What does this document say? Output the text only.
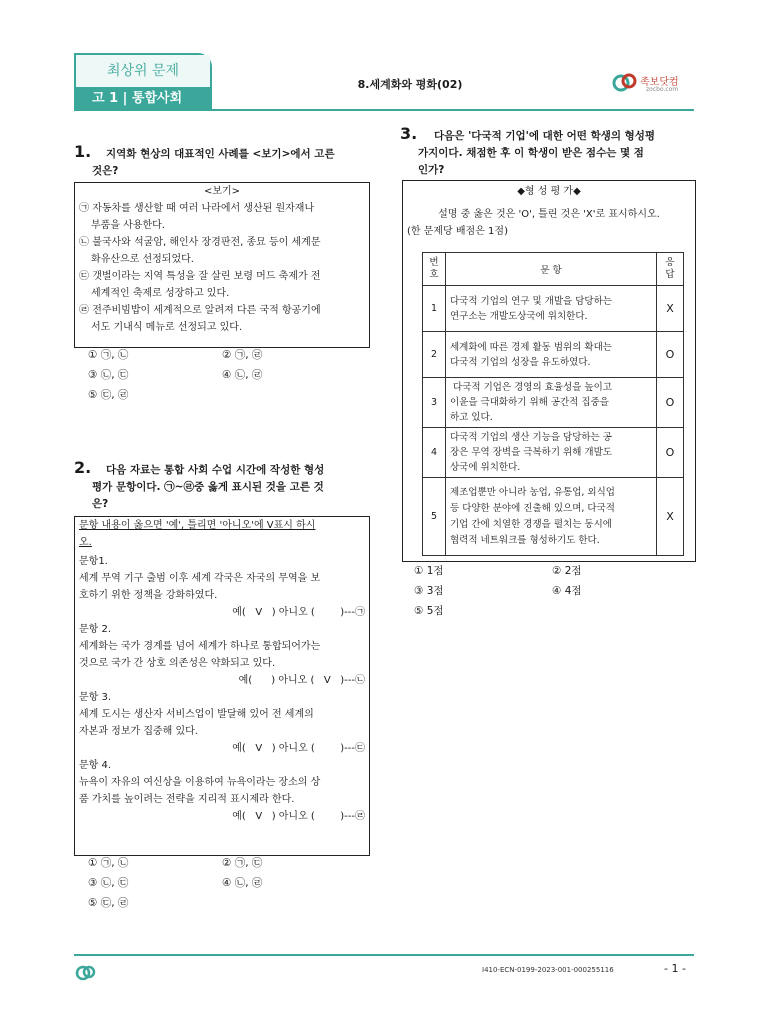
최상위 문제
고 1 | 통합사회
8.세계화와 평화(02)	족보닷컴
zocbo.com
1. 지역화 현상의 대표적인 사례를 <보기>에서 고른
것은?
<보기>
㉠ 자동차를 생산할 때 여러 나라에서 생산된 원자재나
부품을 사용한다.
㉡ 불국사와 석굴암, 해인사 장경판전, 종묘 등이 세계문
화유산으로 선정되었다.
㉢ 갯벌이라는 지역 특성을 잘 살린 보령 머드 축제가 전
세계적인 축제로 성장하고 있다.
㉣ 전주비빔밥이 세계적으로 알려져 다른 국적 항공기에
서도 기내식 메뉴로 선정되고 있다.
① ㉠, ㉡	② ㉠, ㉣
③ ㉡, ㉢	④ ㉡, ㉣
⑤ ㉢, ㉣
2. 다음 자료는 통합 사회 수업 시간에 작성한 형성
평가 문항이다. ㉠~㉣중 옳게 표시된 것을 고른 것
은?
문항 내용이 옳으면 '예', 틀리면 '아니오'에 V표시 하시
오.
문항1.
세계 무역 기구 출범 이후 세계 각국은 자국의 무역을 보
호하기 위한 정책을 강화하였다.
예(   V   ) 아니오 (        )---㉠
문항 2.
세계화는 국가 경계를 넘어 세계가 하나로 통합되어가는
것으로 국가 간 상호 의존성은 약화되고 있다.
예(      ) 아니오 (   V   )---㉡
문항 3.
세계 도시는 생산자 서비스업이 발달해 있어 전 세계의
자본과 정보가 집중해 있다.
예(   V   ) 아니오 (        )---㉢
문항 4.
뉴욕이 자유의 여신상을 이용하여 뉴욕이라는 장소의 상
품 가치를 높이려는 전략을 지리적 표시제라 한다.
예(   V   ) 아니오 (        )---㉣
① ㉠, ㉡	② ㉠, ㉢
③ ㉡, ㉢	④ ㉡, ㉣
⑤ ㉢, ㉣
3. 다음은 '다국적 기업'에 대한 어떤 학생의 형성평
가지이다. 채점한 후 이 학생이 받은 점수는 몇 점
인가?
◆형 성 평 가◆
설명 중 옳은 것은 'O', 틀린 것은 'X'로 표시하시오.
(한 문제당 배점은 1점)
번
호	문 항	응
답
1	다국적 기업의 연구 및 개발을 담당하는
연구소는 개발도상국에 위치한다.	X
2	세계화에 따른 경제 활동 범위의 확대는
다국적 기업의 성장을 유도하였다.	O
3	다국적 기업은 경영의 효율성을 높이고
이윤을 극대화하기 위해 공간적 집중을
하고 있다.	O
4	다국적 기업의 생산 기능을 담당하는 공
장은 무역 장벽을 극복하기 위해 개발도
상국에 위치한다.	O
5	제조업뿐만 아니라 농업, 유통업, 외식업
등 다양한 분야에 진출해 있으며, 다국적
기업 간에 치열한 경쟁을 펼치는 동시에
협력적 네트워크를 형성하기도 한다.	X
① 1점	② 2점
③ 3점	④ 4점
⑤ 5점
I410-ECN-0199-2023-001-000255116	- 1 -
